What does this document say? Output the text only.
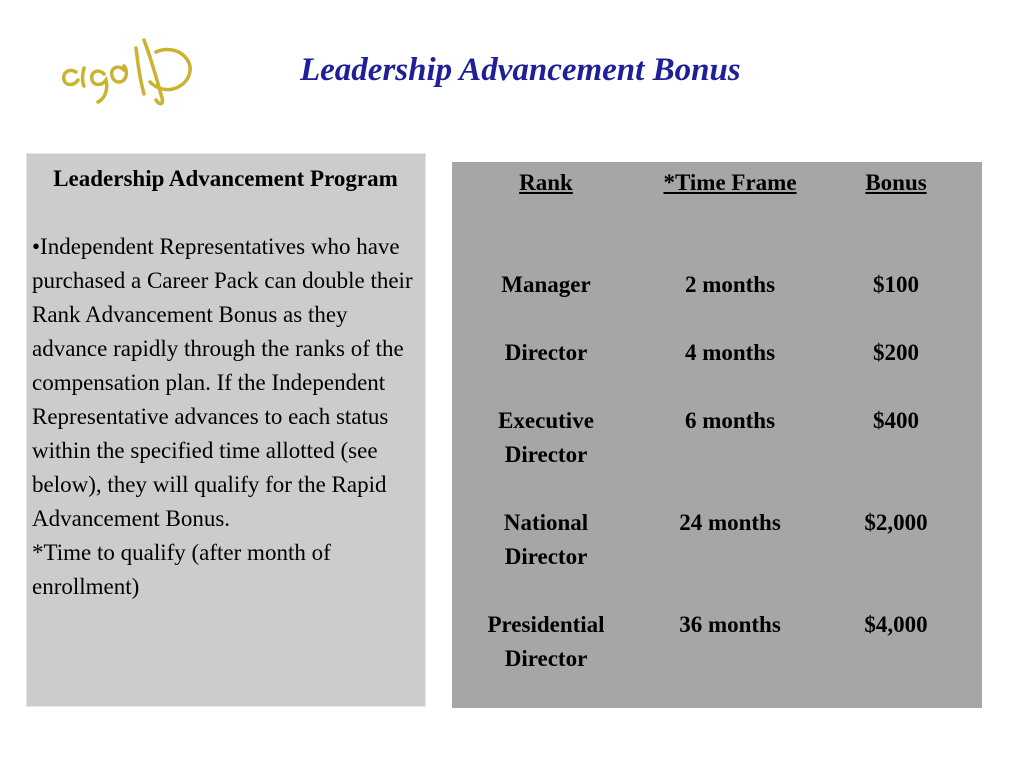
Leadership Advancement Bonus
Leadership Advancement Program

•Independent Representatives who have purchased a Career Pack can double their Rank Advancement Bonus as they advance rapidly through the ranks of the compensation plan. If the Independent Representative advances to each status within the specified time allotted (see below), they will qualify for the Rapid Advancement Bonus.

*Time to qualify (after month of enrollment)

Rank	*Time Frame	Bonus
Manager	2 months	$100
Director	4 months	$200
Executive Director	6 months	$400
National Director	24 months	$2,000
Presidential Director	36 months	$4,000
